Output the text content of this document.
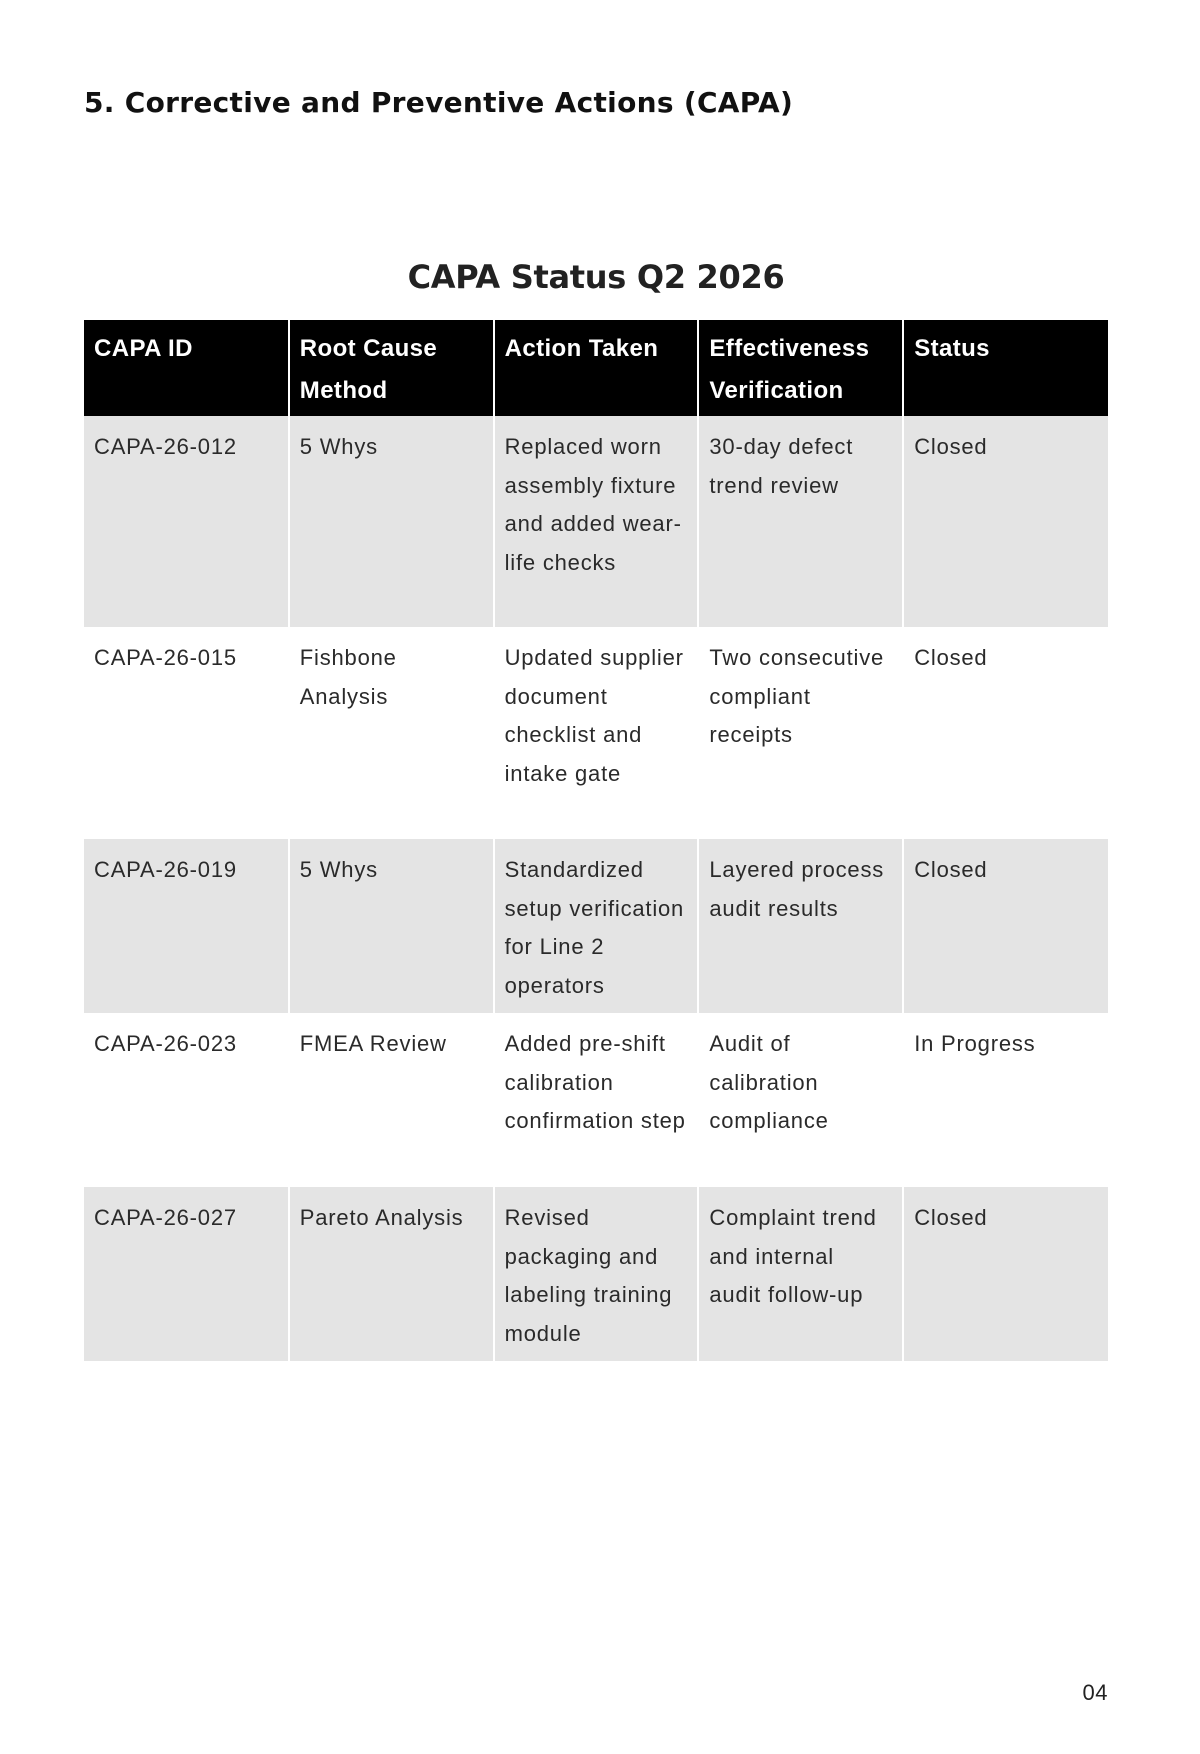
5. Corrective and Preventive Actions (CAPA)
CAPA Status Q2 2026
CAPA ID	Root Cause Method	Action Taken	Effectiveness Verification	Status
CAPA-26-012	5 Whys	Replaced worn assembly fixture and added wear-life checks	30-day defect trend review	Closed
CAPA-26-015	Fishbone Analysis	Updated supplier document checklist and intake gate	Two consecutive compliant receipts	Closed
CAPA-26-019	5 Whys	Standardized setup verification for Line 2 operators	Layered process audit results	Closed
CAPA-26-023	FMEA Review	Added pre-shift calibration confirmation step	Audit of calibration compliance	In Progress
CAPA-26-027	Pareto Analysis	Revised packaging and labeling training module	Complaint trend and internal audit follow-up	Closed
04
